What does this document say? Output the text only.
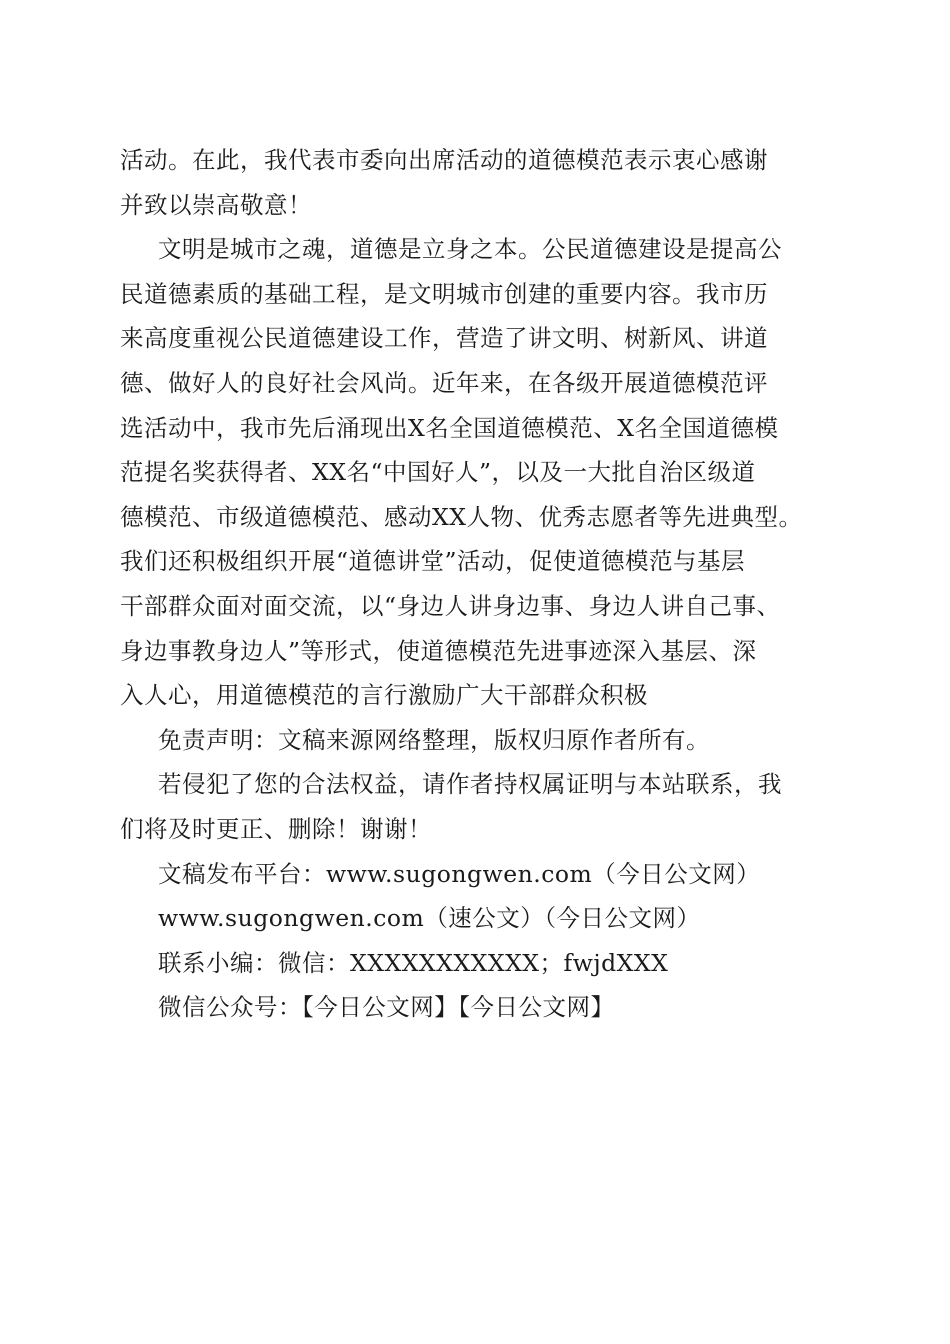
活动。在此，我代表市委向出席活动的道德模范表示衷心感谢
并致以崇高敬意！
文明是城市之魂，道德是立身之本。公民道德建设是提高公
民道德素质的基础工程，是文明城市创建的重要内容。我市历
来高度重视公民道德建设工作，营造了讲文明、树新风、讲道
德、做好人的良好社会风尚。近年来，在各级开展道德模范评
选活动中，我市先后涌现出X名全国道德模范、X名全国道德模
范提名奖获得者、XX名“中国好人”，以及一大批自治区级道
德模范、市级道德模范、感动XX人物、优秀志愿者等先进典型。
我们还积极组织开展“道德讲堂”活动，促使道德模范与基层
干部群众面对面交流，以“身边人讲身边事、身边人讲自己事、
身边事教身边人”等形式，使道德模范先进事迹深入基层、深
入人心，用道德模范的言行激励广大干部群众积极
免责声明：文稿来源网络整理，版权归原作者所有。
若侵犯了您的合法权益，请作者持权属证明与本站联系，我
们将及时更正、删除！谢谢！
文稿发布平台：www.sugongwen.com（今日公文网）
www.sugongwen.com（速公文）（今日公文网）
联系小编：微信：XXXXXXXXXXX；fwjdXXX
微信公众号：【今日公文网】【今日公文网】
